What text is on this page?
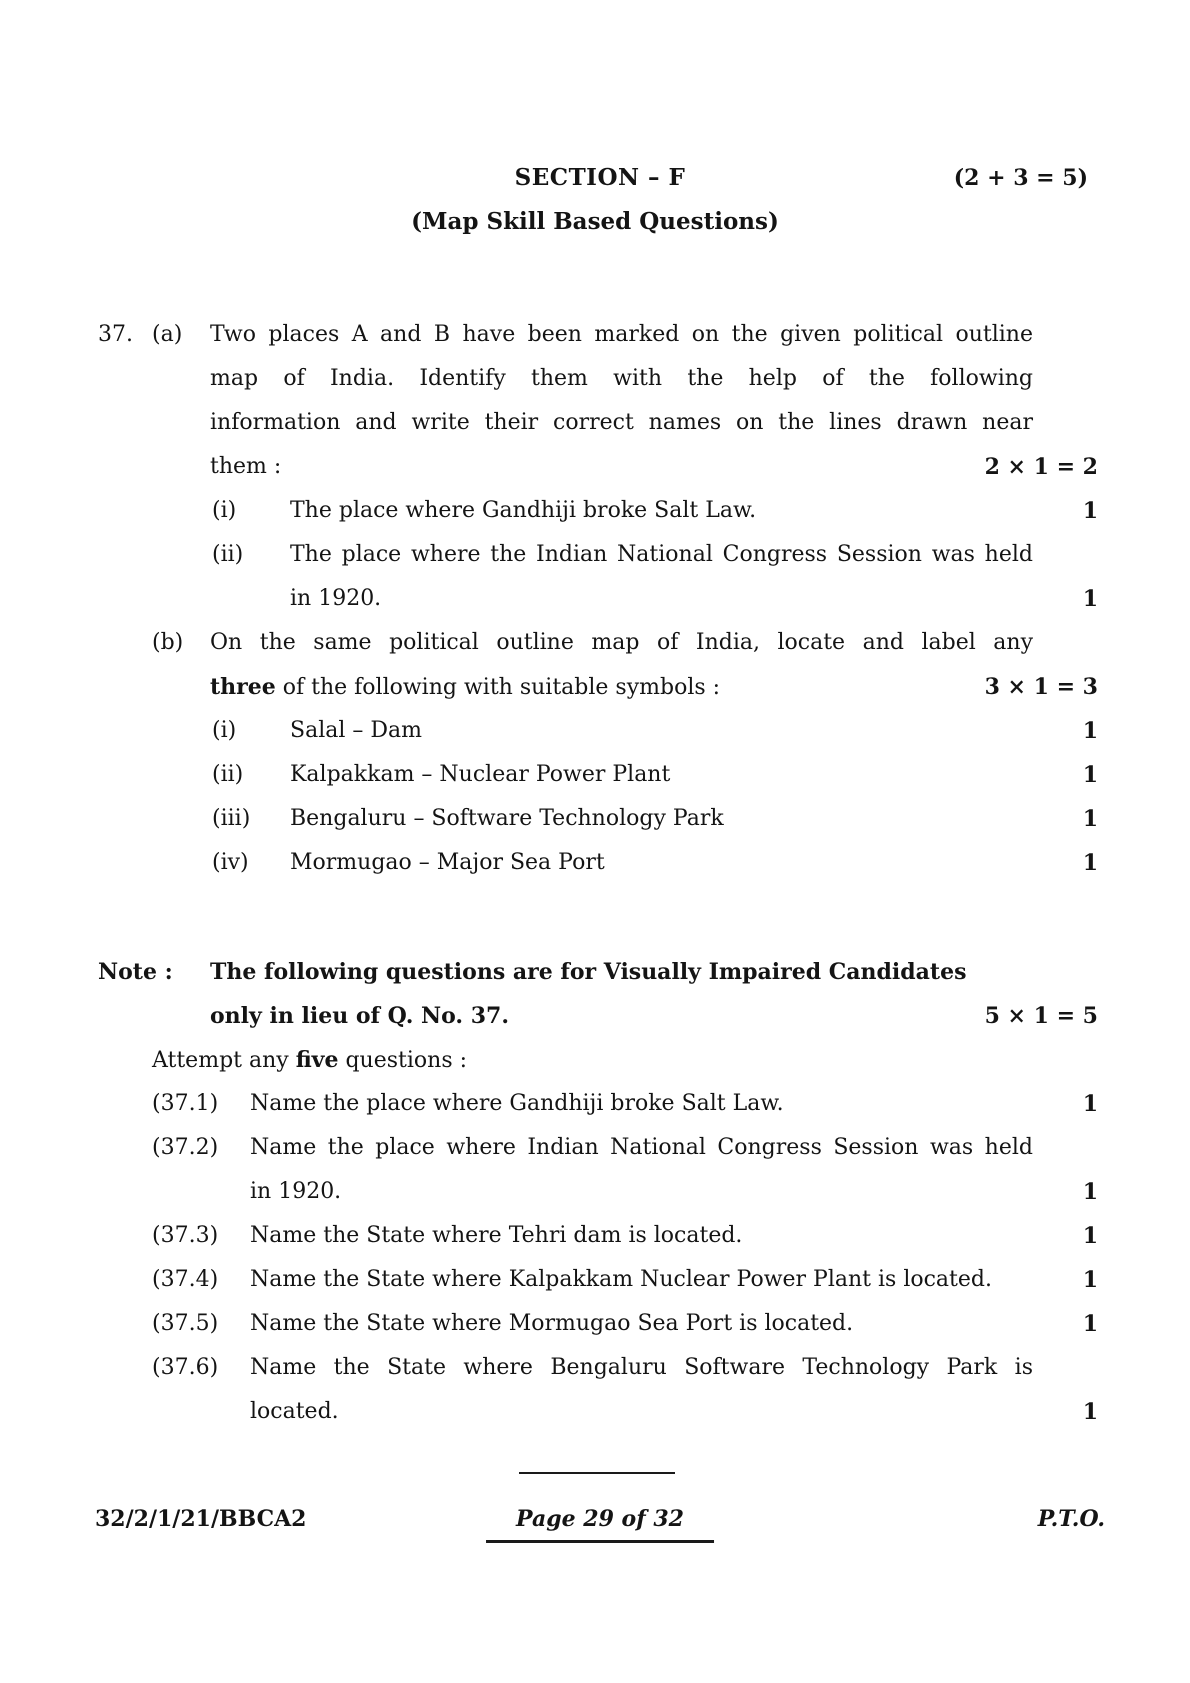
SECTION – F	(2 + 3 = 5)
(Map Skill Based Questions)
37. (a) Two places A and B have been marked on the given political outline
map of India. Identify them with the help of the following
information and write their correct names on the lines drawn near
them :	2 × 1 = 2
(i) The place where Gandhiji broke Salt Law.	1
(ii) The place where the Indian National Congress Session was held
in 1920.	1
(b) On the same political outline map of India, locate and label any
three of the following with suitable symbols :	3 × 1 = 3
(i) Salal – Dam	1
(ii) Kalpakkam – Nuclear Power Plant	1
(iii) Bengaluru – Software Technology Park	1
(iv) Mormugao – Major Sea Port	1
Note : The following questions are for Visually Impaired Candidates
only in lieu of Q. No. 37.	5 × 1 = 5
Attempt any five questions :
(37.1) Name the place where Gandhiji broke Salt Law.	1
(37.2) Name the place where Indian National Congress Session was held
in 1920.	1
(37.3) Name the State where Tehri dam is located.	1
(37.4) Name the State where Kalpakkam Nuclear Power Plant is located.	1
(37.5) Name the State where Mormugao Sea Port is located.	1
(37.6) Name the State where Bengaluru Software Technology Park is
located.	1
32/2/1/21/BBCA2	Page 29 of 32	P.T.O.
